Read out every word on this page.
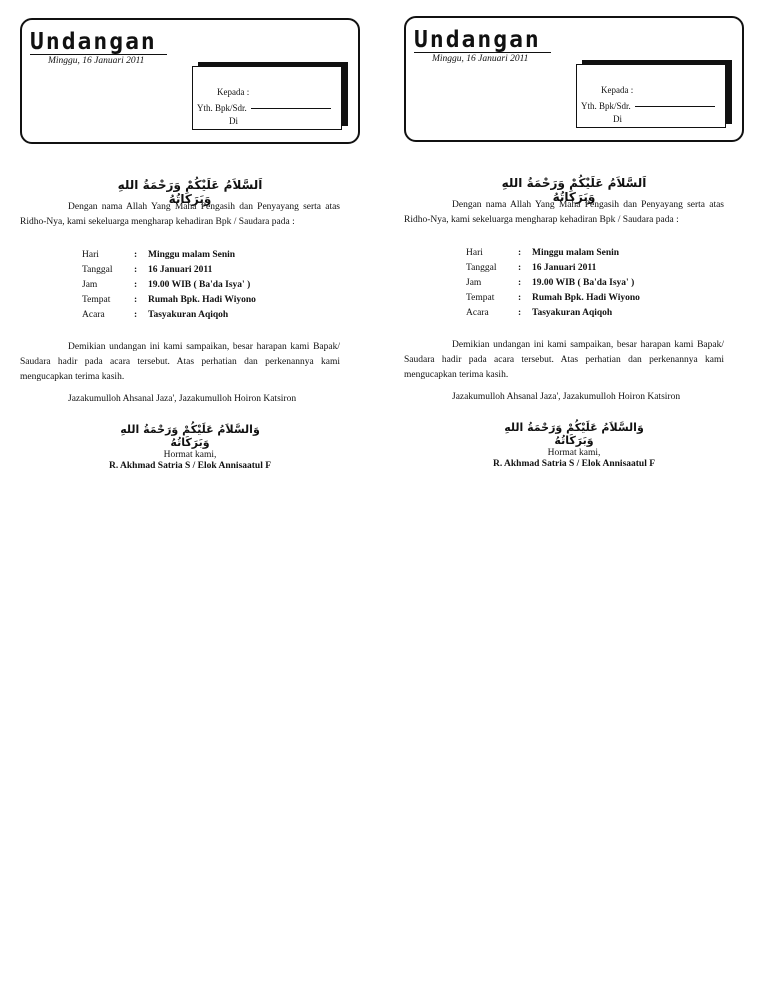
Undangan
Minggu, 16 Januari 2011
Kepada :
Yth. Bpk/Sdr.
Di
اَلسَّلاَمُ عَلَيْكُمْ وَرَحْمَةُ اللهِ وَبَرَكَاتُهُ
Dengan nama Allah Yang Maha Pengasih dan Penyayang serta atas Ridho-Nya, kami sekeluarga mengharap kehadiran Bpk / Saudara pada :
Hari	:	Minggu malam Senin
Tanggal	:	16 Januari 2011
Jam	:	19.00 WIB ( Ba'da Isya' )
Tempat	:	Rumah Bpk. Hadi Wiyono
Acara	:	Tasyakuran Aqiqoh
Demikian undangan ini kami sampaikan, besar harapan kami Bapak/ Saudara hadir pada acara tersebut. Atas perhatian dan perkenannya kami mengucapkan terima kasih.
Jazakumulloh Ahsanal Jaza', Jazakumulloh Hoiron Katsiron
وَالسَّلاَمُ عَلَيْكُمْ وَرَحْمَةُ اللهِ وَبَرَكَاتُهُ
Hormat kami,
R. Akhmad Satria S / Elok Annisaatul F
Undangan
Minggu, 16 Januari 2011
Kepada :
Yth. Bpk/Sdr.
Di
اَلسَّلاَمُ عَلَيْكُمْ وَرَحْمَةُ اللهِ وَبَرَكَاتُهُ
Dengan nama Allah Yang Maha Pengasih dan Penyayang serta atas Ridho-Nya, kami sekeluarga mengharap kehadiran Bpk / Saudara pada :
Hari	:	Minggu malam Senin
Tanggal	:	16 Januari 2011
Jam	:	19.00 WIB ( Ba'da Isya' )
Tempat	:	Rumah Bpk. Hadi Wiyono
Acara	:	Tasyakuran Aqiqoh
Demikian undangan ini kami sampaikan, besar harapan kami Bapak/ Saudara hadir pada acara tersebut. Atas perhatian dan perkenannya kami mengucapkan terima kasih.
Jazakumulloh Ahsanal Jaza', Jazakumulloh Hoiron Katsiron
وَالسَّلاَمُ عَلَيْكُمْ وَرَحْمَةُ اللهِ وَبَرَكَاتُهُ
Hormat kami,
R. Akhmad Satria S / Elok Annisaatul F
